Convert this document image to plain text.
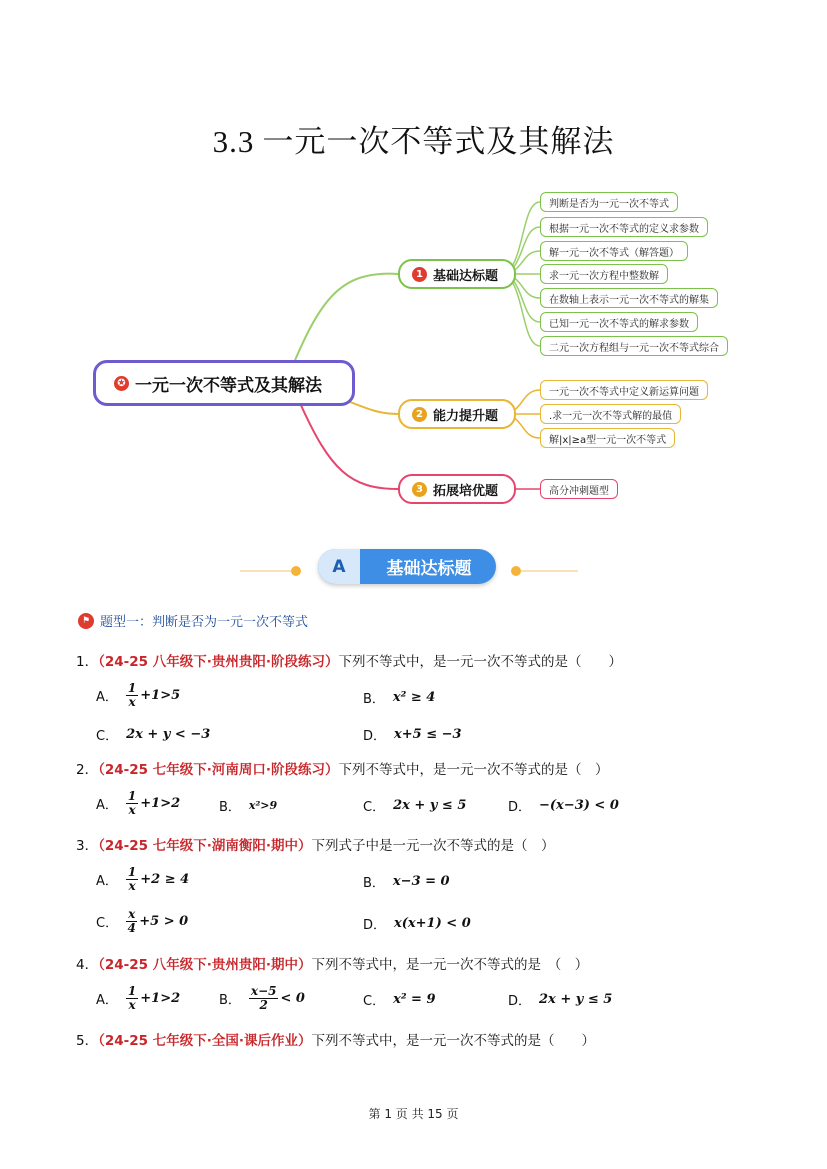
3.3 一元一次不等式及其解法
✪ 一元一次不等式及其解法
1 基础达标题
2 能力提升题
3 拓展培优题
判断是否为一元一次不等式
根据一元一次不等式的定义求参数
解一元一次不等式（解答题）
求一元一次方程中整数解
在数轴上表示一元一次不等式的解集
已知一元一次不等式的解求参数
二元一次方程组与一元一次不等式综合
一元一次不等式中定义新运算问题
.求一元一次不等式解的最值
解|x|≥a型一元一次不等式
高分冲刺题型
A	基础达标题
⚑ 题型一：判断是否为一元一次不等式
1．（24-25 八年级下·贵州贵阳·阶段练习）下列不等式中，是一元一次不等式的是（　　）
A． $\frac{1}{x} +1>5$	B． x² ≥ 4
C． 2x + y < −3	D． x+5 ≤ −3
2．（24-25 七年级下·河南周口·阶段练习）下列不等式中，是一元一次不等式的是（　）
A． $\frac{1}{x} +1>2$	B． x²>9	C． 2x + y ≤ 5	D． −(x−3) < 0
3．（24-25 七年级下·湖南衡阳·期中）下列式子中是一元一次不等式的是（　）
A． $\frac{1}{x} +2 \ge 4$	B． x−3 = 0
C． $\frac{x}{4} +5 > 0$	D． x(x+1) < 0
4．（24-25 八年级下·贵州贵阳·期中）下列不等式中，是一元一次不等式的是　（　）
A． $\frac{1}{x} +1>2$	B． $\frac{x-5}{2} < 0$	C． x² = 9	D． 2x + y ≤ 5
5．（24-25 七年级下·全国·课后作业）下列不等式中，是一元一次不等式的是（　　）
第 1 页 共 15 页
